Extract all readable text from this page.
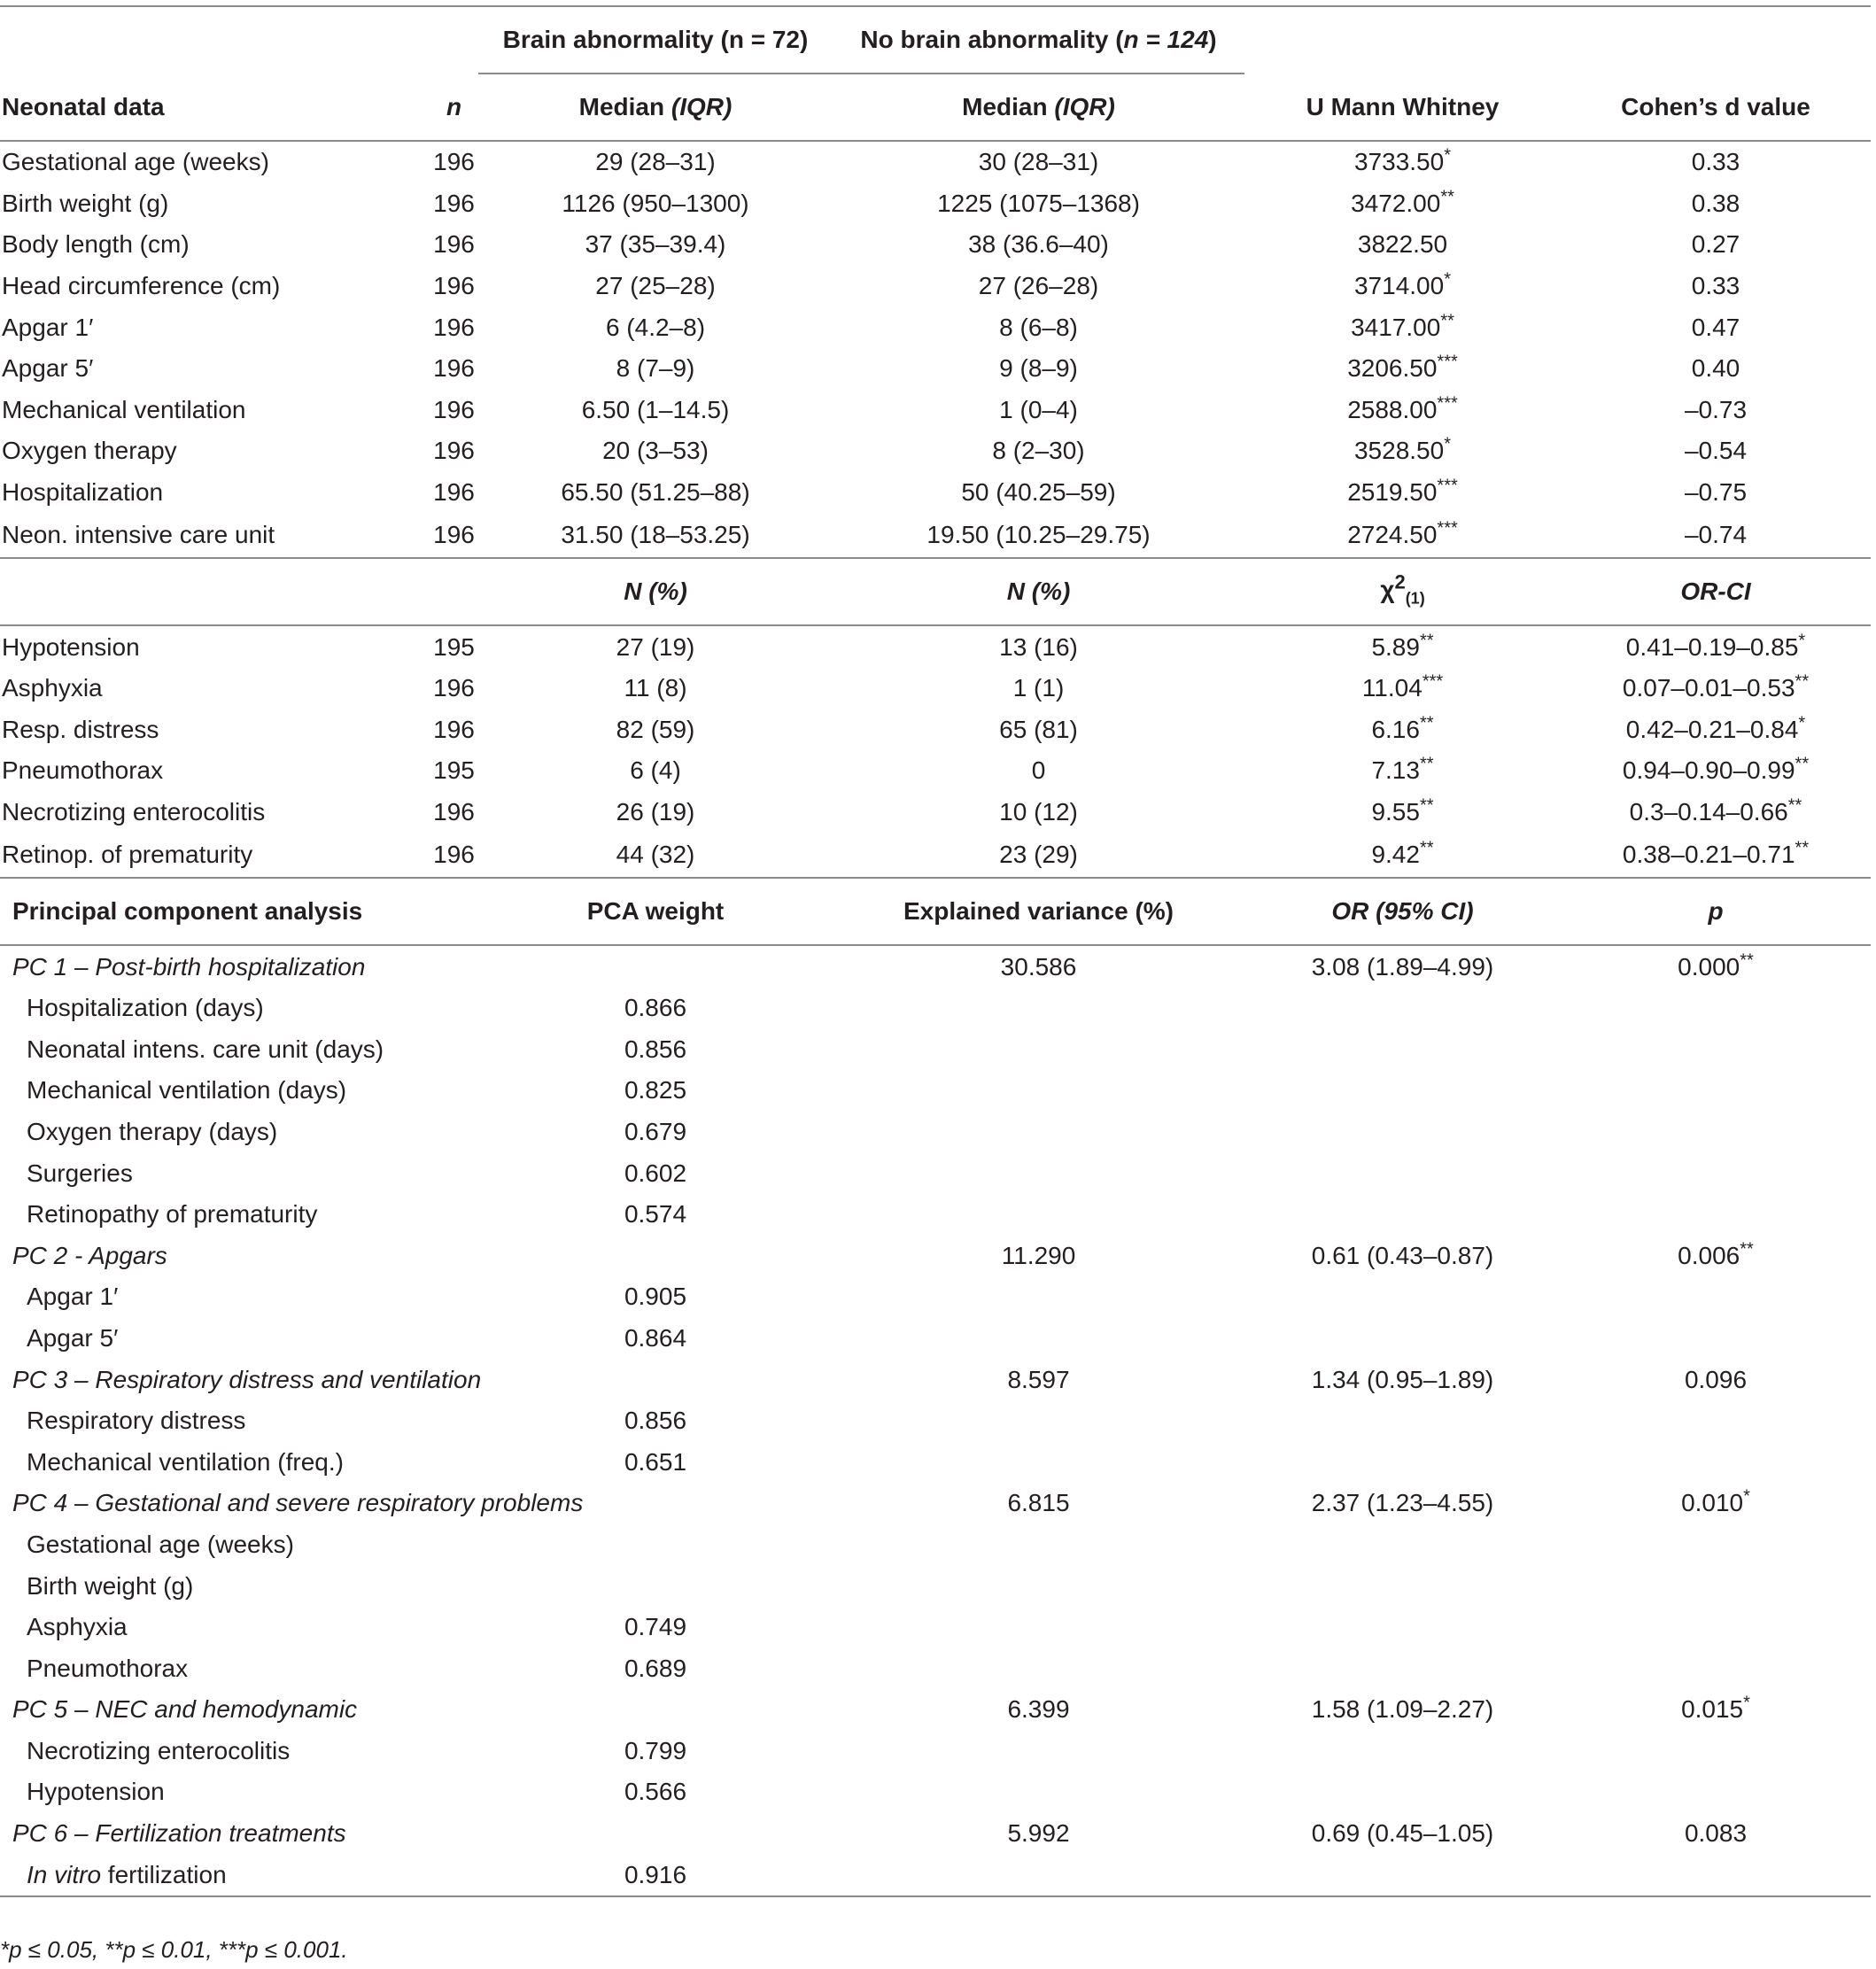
		Brain abnormality (n = 72)	No brain abnormality (n = 124)		
Neonatal data	n	Median (IQR)	Median (IQR)	U Mann Whitney	Cohen’s d value
Gestational age (weeks)	196	29 (28–31)	30 (28–31)	3733.50*	0.33
Birth weight (g)	196	1126 (950–1300)	1225 (1075–1368)	3472.00**	0.38
Body length (cm)	196	37 (35–39.4)	38 (36.6–40)	3822.50	0.27
Head circumference (cm)	196	27 (25–28)	27 (26–28)	3714.00*	0.33
Apgar 1′	196	6 (4.2–8)	8 (6–8)	3417.00**	0.47
Apgar 5′	196	8 (7–9)	9 (8–9)	3206.50***	0.40
Mechanical ventilation	196	6.50 (1–14.5)	1 (0–4)	2588.00***	–0.73
Oxygen therapy	196	20 (3–53)	8 (2–30)	3528.50*	–0.54
Hospitalization	196	65.50 (51.25–88)	50 (40.25–59)	2519.50***	–0.75
Neon. intensive care unit	196	31.50 (18–53.25)	19.50 (10.25–29.75)	2724.50***	–0.74
		N (%)	N (%)	$\chi^2_{(1)}$	OR-CI
Hypotension	195	27 (19)	13 (16)	5.89**	0.41–0.19–0.85*
Asphyxia	196	11 (8)	1 (1)	11.04***	0.07–0.01–0.53**
Resp. distress	196	82 (59)	65 (81)	6.16**	0.42–0.21–0.84*
Pneumothorax	195	6 (4)	0	7.13**	0.94–0.90–0.99**
Necrotizing enterocolitis	196	26 (19)	10 (12)	9.55**	0.3–0.14–0.66**
Retinop. of prematurity	196	44 (32)	23 (29)	9.42**	0.38–0.21–0.71**
Principal component analysis		PCA weight	Explained variance (%)	OR (95% CI)	p
PC 1 – Post-birth hospitalization			30.586	3.08 (1.89–4.99)	0.000**
Hospitalization (days)		0.866			
Neonatal intens. care unit (days)		0.856			
Mechanical ventilation (days)		0.825			
Oxygen therapy (days)		0.679			
Surgeries		0.602			
Retinopathy of prematurity		0.574			
PC 2 - Apgars			11.290	0.61 (0.43–0.87)	0.006**
Apgar 1′		0.905			
Apgar 5′		0.864			
PC 3 – Respiratory distress and ventilation			8.597	1.34 (0.95–1.89)	0.096
Respiratory distress		0.856			
Mechanical ventilation (freq.)		0.651			
PC 4 – Gestational and severe respiratory problems			6.815	2.37 (1.23–4.55)	0.010*
Gestational age (weeks)					
Birth weight (g)					
Asphyxia		0.749			
Pneumothorax		0.689			
PC 5 – NEC and hemodynamic			6.399	1.58 (1.09–2.27)	0.015*
Necrotizing enterocolitis		0.799			
Hypotension		0.566			
PC 6 – Fertilization treatments			5.992	0.69 (0.45–1.05)	0.083
In vitro fertilization		0.916			
*p ≤ 0.05, **p ≤ 0.01, ***p ≤ 0.001.
